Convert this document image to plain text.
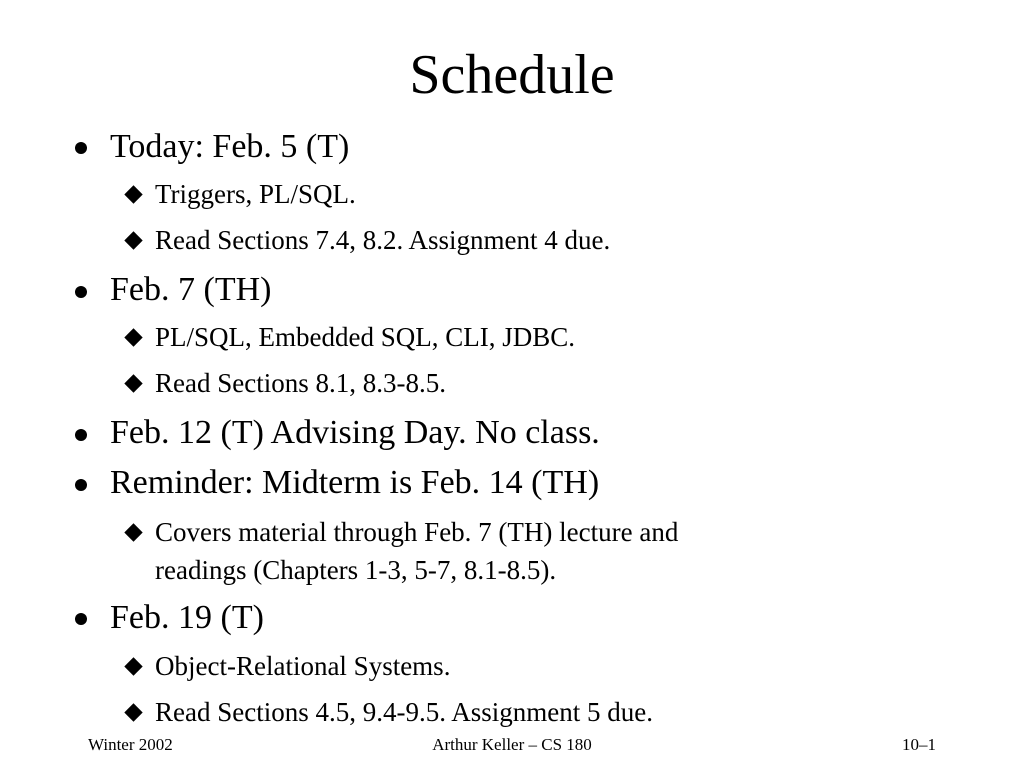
Schedule
Today: Feb. 5 (T)
Triggers, PL/SQL.
Read Sections 7.4, 8.2. Assignment 4 due.
Feb. 7 (TH)
PL/SQL, Embedded SQL, CLI, JDBC.
Read Sections 8.1, 8.3-8.5.
Feb. 12 (T) Advising Day. No class.
Reminder: Midterm is Feb. 14 (TH)
Covers material through Feb. 7 (TH) lecture and
readings (Chapters 1-3, 5-7, 8.1-8.5).
Feb. 19 (T)
Object-Relational Systems.
Read Sections 4.5, 9.4-9.5. Assignment 5 due.
Winter 2002	Arthur Keller – CS 180	10–1
